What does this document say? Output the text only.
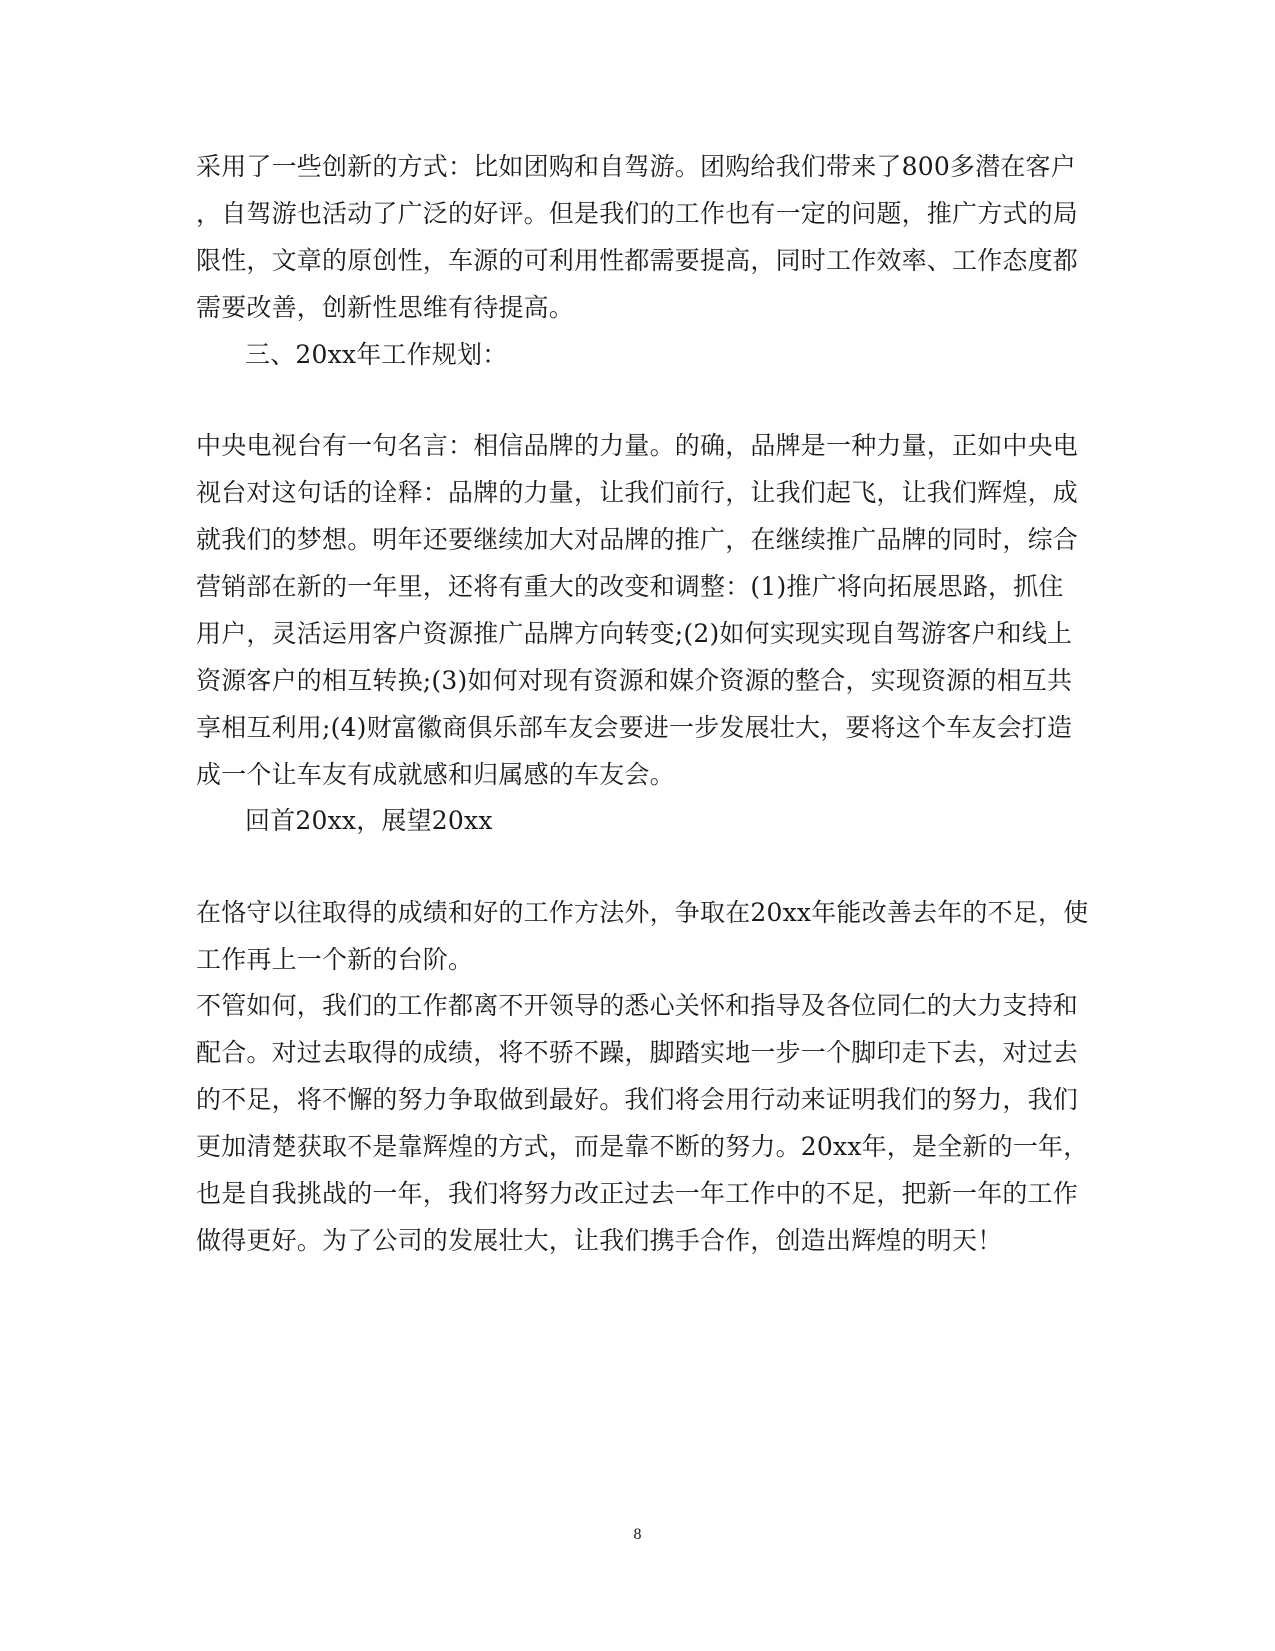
采用了一些创新的方式：比如团购和自驾游。团购给我们带来了800多潜在客户
，自驾游也活动了广泛的好评。但是我们的工作也有一定的问题，推广方式的局
限性，文章的原创性，车源的可利用性都需要提高，同时工作效率、工作态度都
需要改善，创新性思维有待提高。
三、20xx年工作规划：
中央电视台有一句名言：相信品牌的力量。的确，品牌是一种力量，正如中央电
视台对这句话的诠释：品牌的力量，让我们前行，让我们起飞，让我们辉煌，成
就我们的梦想。明年还要继续加大对品牌的推广，在继续推广品牌的同时，综合
营销部在新的一年里，还将有重大的改变和调整：(1)推广将向拓展思路，抓住
用户，灵活运用客户资源推广品牌方向转变;(2)如何实现实现自驾游客户和线上
资源客户的相互转换;(3)如何对现有资源和媒介资源的整合，实现资源的相互共
享相互利用;(4)财富徽商俱乐部车友会要进一步发展壮大，要将这个车友会打造
成一个让车友有成就感和归属感的车友会。
回首20xx，展望20xx
在恪守以往取得的成绩和好的工作方法外，争取在20xx年能改善去年的不足，使
工作再上一个新的台阶。
不管如何，我们的工作都离不开领导的悉心关怀和指导及各位同仁的大力支持和
配合。对过去取得的成绩，将不骄不躁，脚踏实地一步一个脚印走下去，对过去
的不足，将不懈的努力争取做到最好。我们将会用行动来证明我们的努力，我们
更加清楚获取不是靠辉煌的方式，而是靠不断的努力。20xx年，是全新的一年，
也是自我挑战的一年，我们将努力改正过去一年工作中的不足，把新一年的工作
做得更好。为了公司的发展壮大，让我们携手合作，创造出辉煌的明天！
8
